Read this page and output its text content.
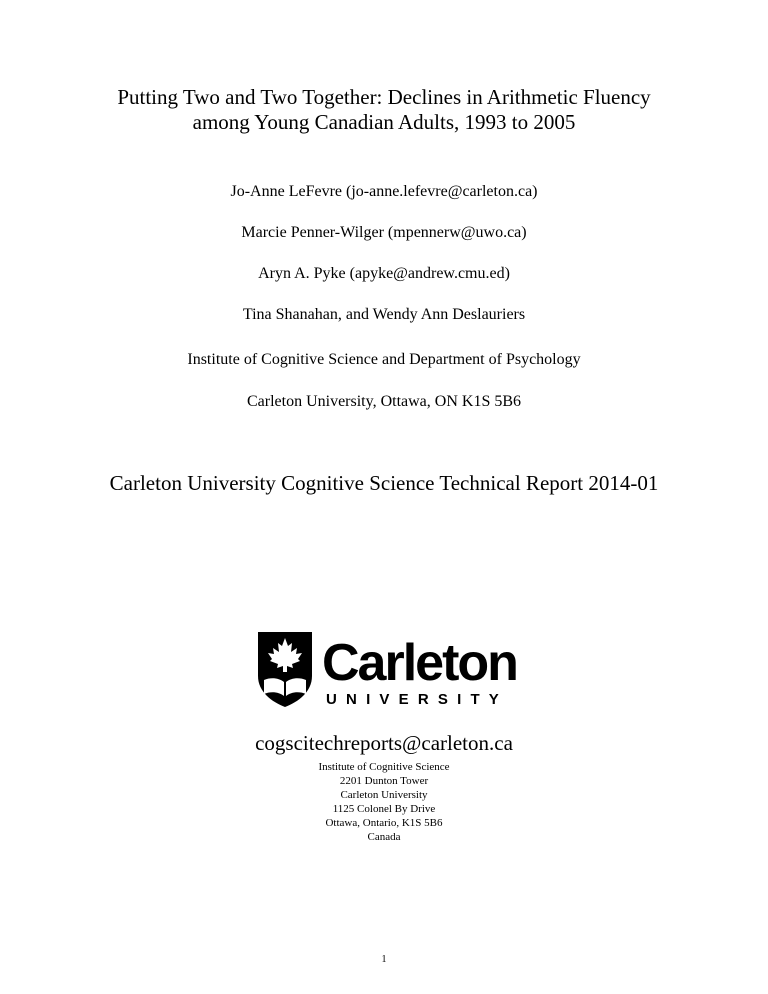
Putting Two and Two Together: Declines in Arithmetic Fluency
among Young Canadian Adults, 1993 to 2005
Jo-Anne LeFevre (jo-anne.lefevre@carleton.ca)
Marcie Penner-Wilger (mpennerw@uwo.ca)
Aryn A. Pyke (apyke@andrew.cmu.ed)
Tina Shanahan, and Wendy Ann Deslauriers
Institute of Cognitive Science and Department of Psychology
Carleton University, Ottawa, ON K1S 5B6
Carleton University Cognitive Science Technical Report 2014-01
Carleton
UNIVERSITY
cogscitechreports@carleton.ca
Institute of Cognitive Science
2201 Dunton Tower
Carleton University
1125 Colonel By Drive
Ottawa, Ontario, K1S 5B6
Canada
1
